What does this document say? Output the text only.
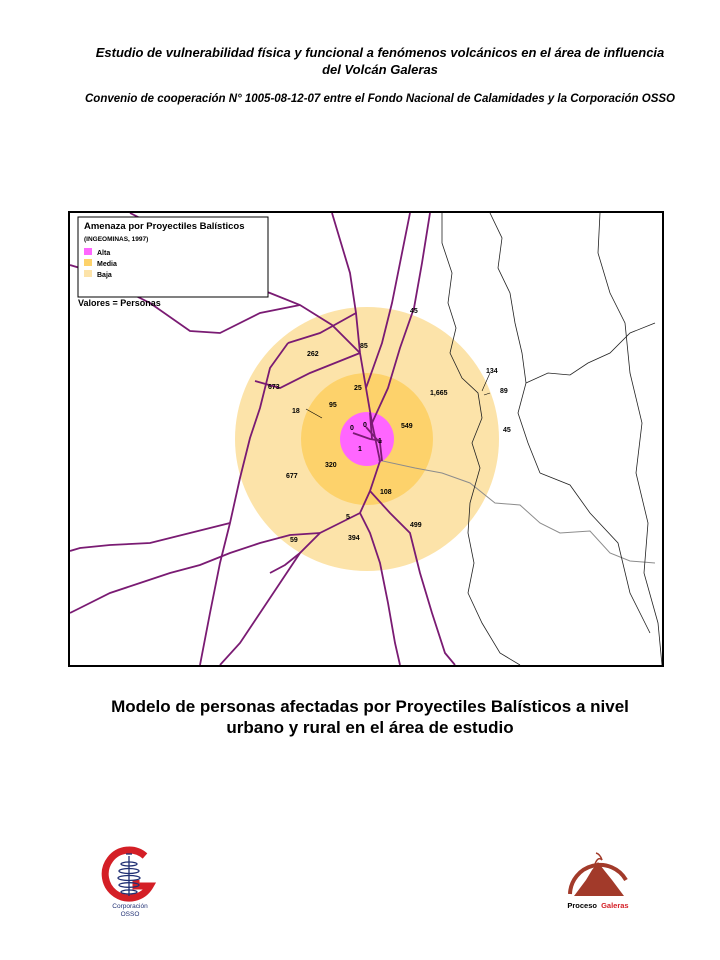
Estudio de vulnerabilidad física y funcional a fenómenos volcánicos en el área de influencia
del Volcán Galeras
Convenio de cooperación N° 1005-08-12-07 entre el Fondo Nacional de Calamidades y la Corporación OSSO
Amenaza por Proyectiles Balísticos
(INGEOMINAS, 1997)
Alta
Media
Baja
Valores = Personas
45
85
262
673
18
95
25
1,665
134
89
45
549
0 0
1
1
677
320
108
5
499
59	394
Modelo de personas afectadas por Proyectiles Balísticos a nivel
urbano y rural en el área de estudio
Corporación
OSSO
Proceso Galeras
